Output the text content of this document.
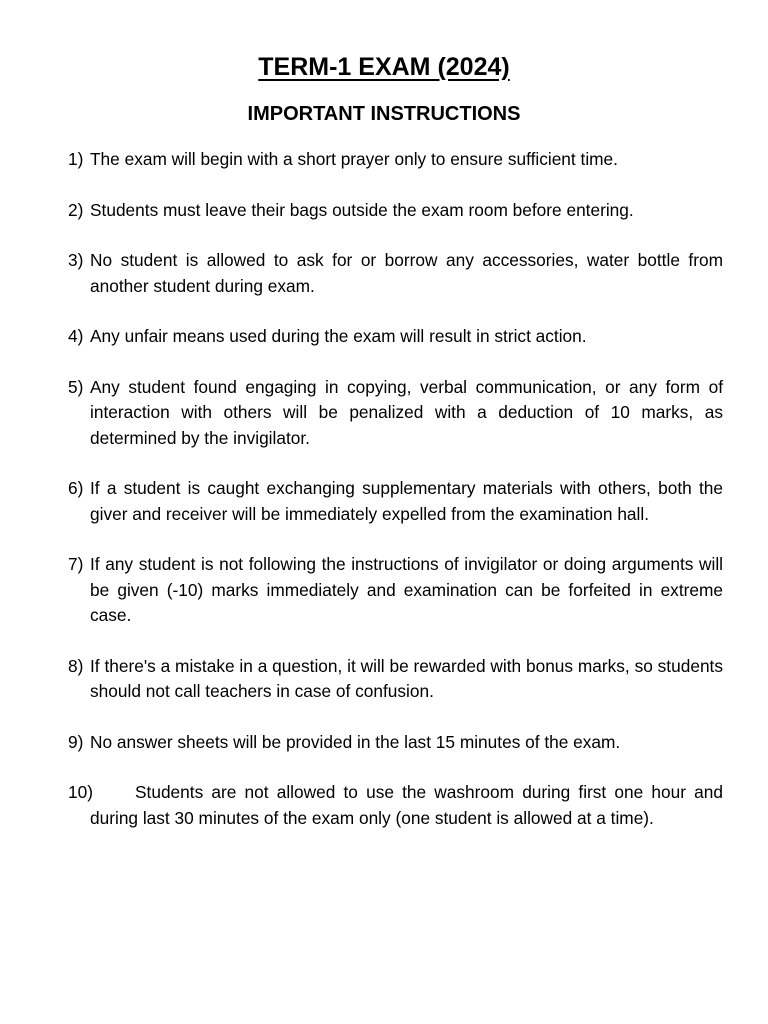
TERM-1 EXAM (2024)
IMPORTANT INSTRUCTIONS
1) The exam will begin with a short prayer only to ensure sufficient time.
2) Students must leave their bags outside the exam room before entering.
3) No student is allowed to ask for or borrow any accessories, water bottle from another student during exam.
4) Any unfair means used during the exam will result in strict action.
5) Any student found engaging in copying, verbal communication, or any form of interaction with others will be penalized with a deduction of 10 marks, as determined by the invigilator.
6) If a student is caught exchanging supplementary materials with others, both the giver and receiver will be immediately expelled from the examination hall.
7) If any student is not following the instructions of invigilator or doing arguments will be given (-10) marks immediately and examination can be forfeited in extreme case.
8) If there's a mistake in a question, it will be rewarded with bonus marks, so students should not call teachers in case of confusion.
9) No answer sheets will be provided in the last 15 minutes of the exam.
10) Students are not allowed to use the washroom during first one hour and during last 30 minutes of the exam only (one student is allowed at a time).
